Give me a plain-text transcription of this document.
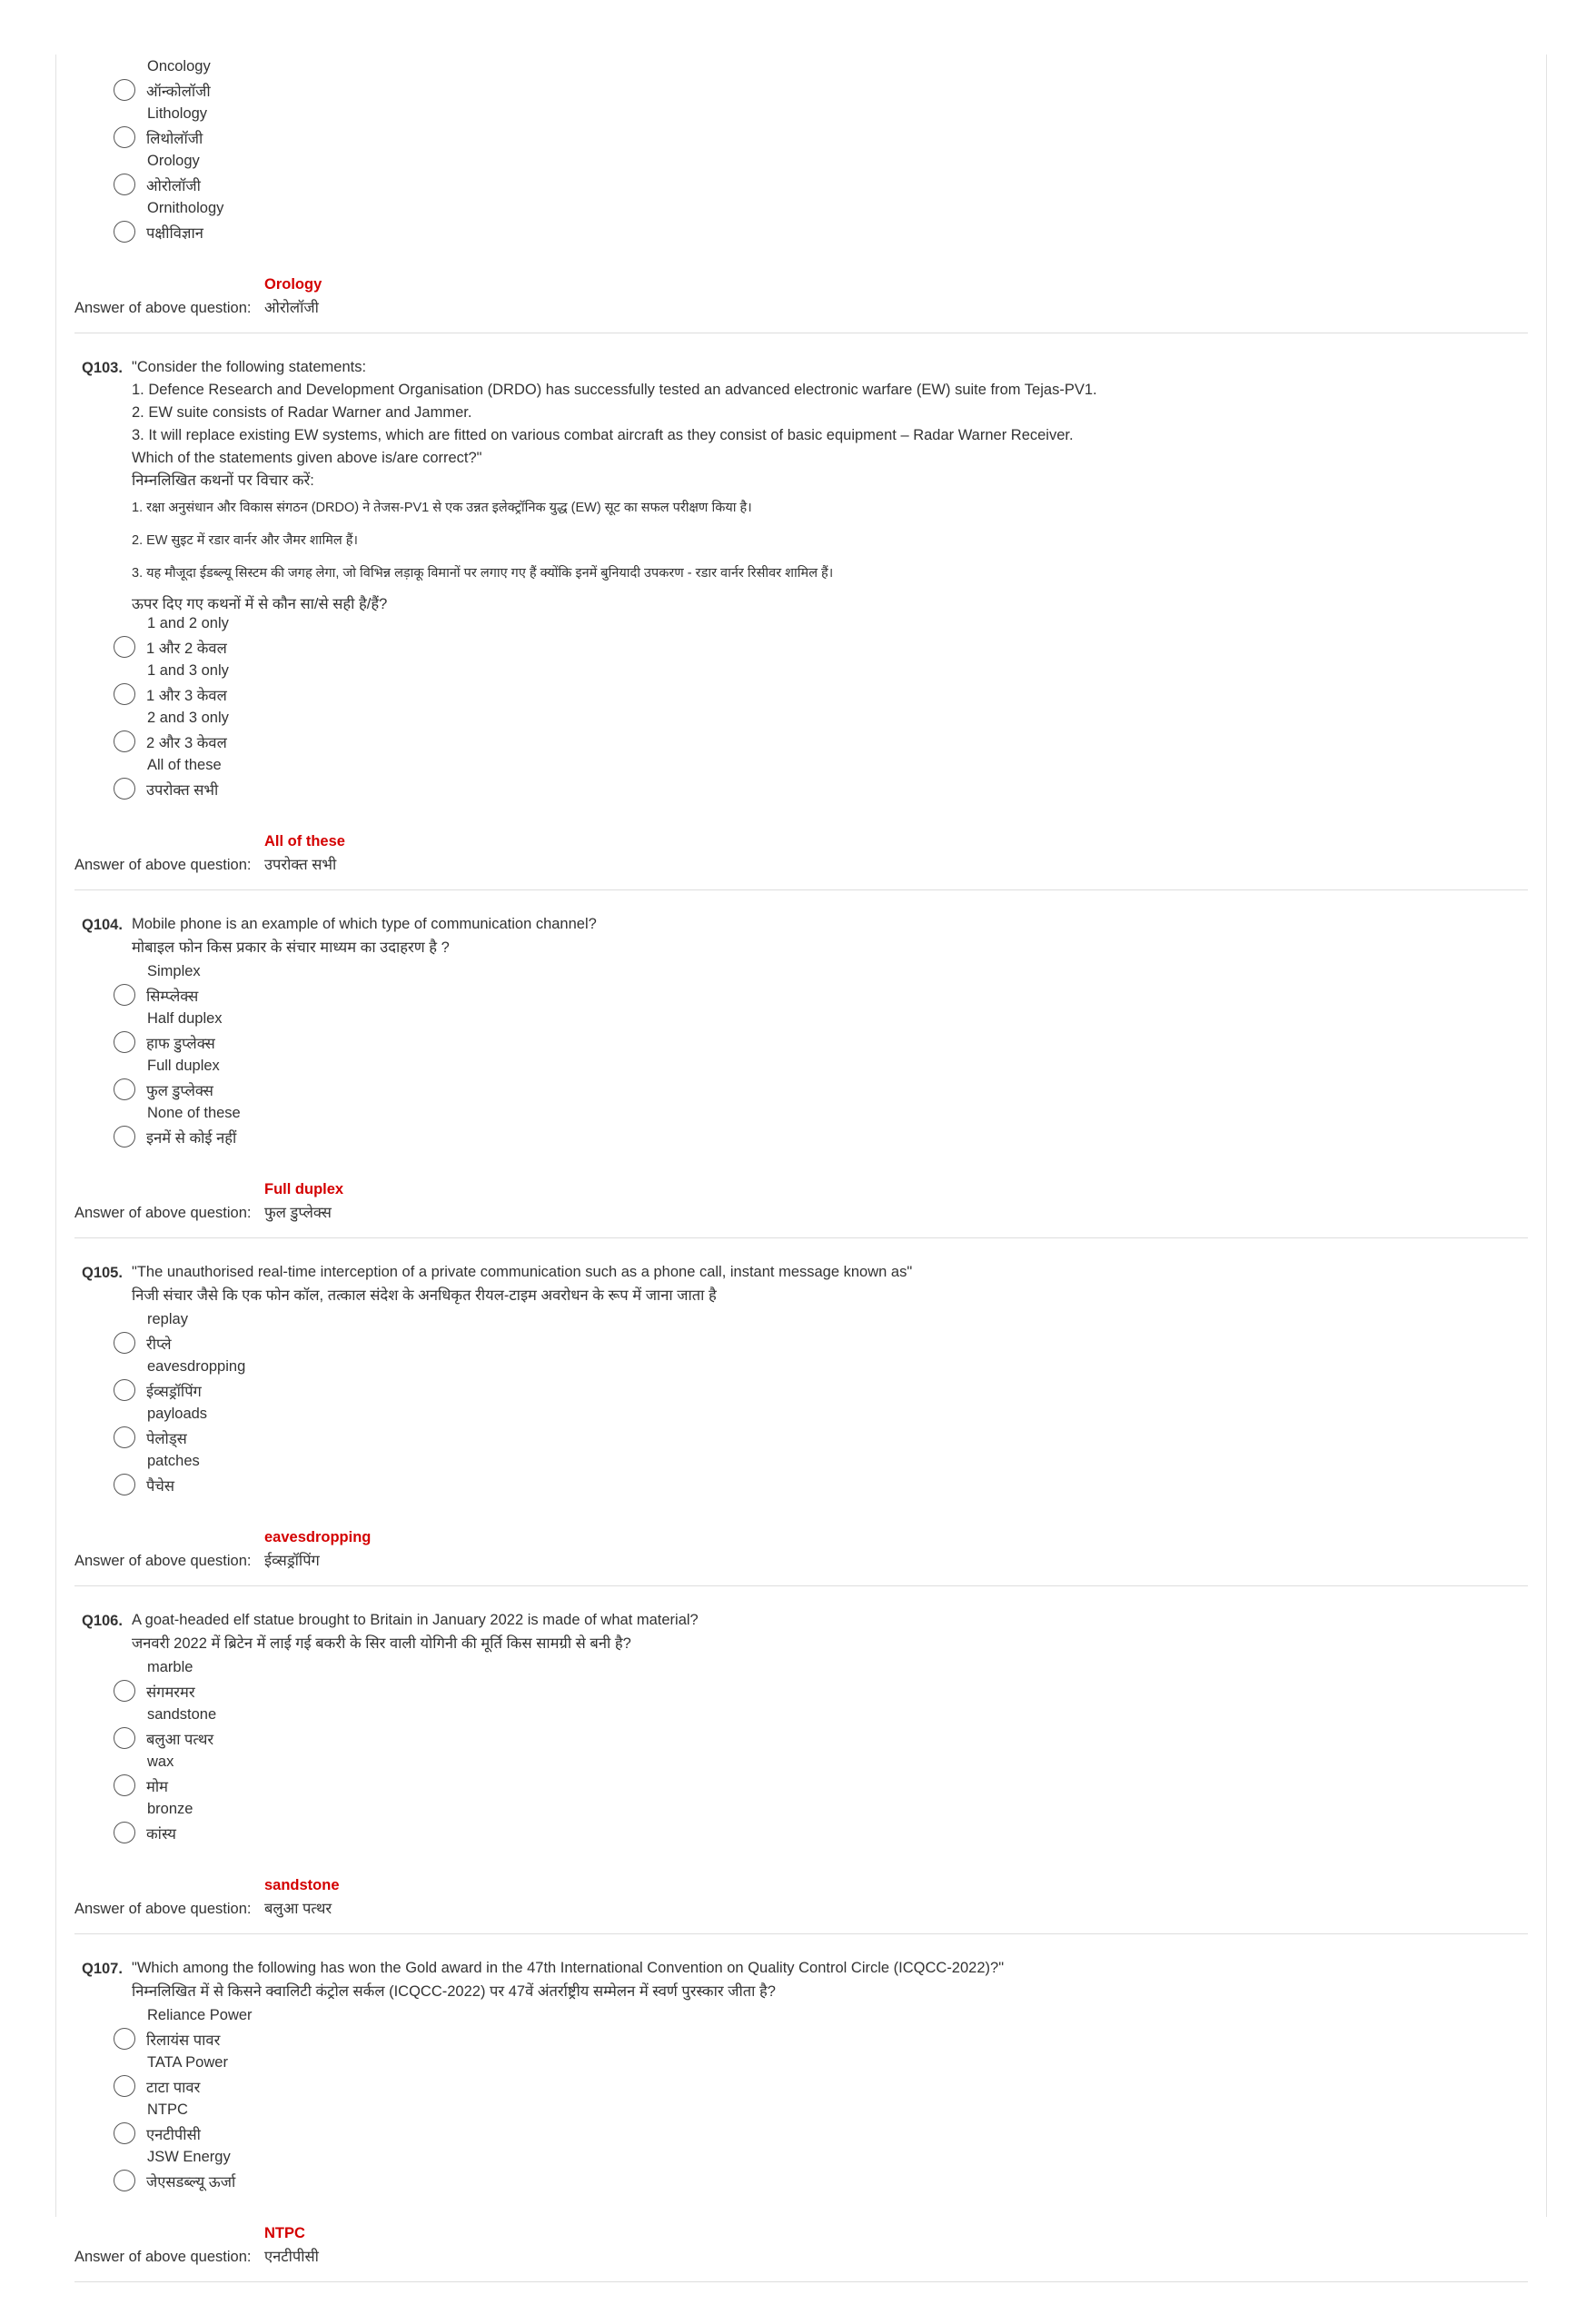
Oncology
ऑन्कोलॉजी
Lithology
लिथोलॉजी
Orology
ओरोलॉजी
Ornithology
पक्षीविज्ञान
Orology
Answer of above question: ओरोलॉजी
Q103. "Consider the following statements:
1. Defence Research and Development Organisation (DRDO) has successfully tested an advanced electronic warfare (EW) suite from Tejas-PV1.
2. EW suite consists of Radar Warner and Jammer.
3. It will replace existing EW systems, which are fitted on various combat aircraft as they consist of basic equipment – Radar Warner Receiver.
Which of the statements given above is/are correct?"
निम्नलिखित कथनों पर विचार करें:
1. रक्षा अनुसंधान और विकास संगठन (DRDO) ने तेजस-PV1 से एक उन्नत इलेक्ट्रॉनिक युद्ध (EW) सूट का सफल परीक्षण किया है।
2. EW सुइट में रडार वार्नर और जैमर शामिल हैं।
3. यह मौजूदा ईडब्ल्यू सिस्टम की जगह लेगा, जो विभिन्न लड़ाकू विमानों पर लगाए गए हैं क्योंकि इनमें बुनियादी उपकरण - रडार वार्नर रिसीवर शामिल हैं।
ऊपर दिए गए कथनों में से कौन सा/से सही है/हैं?
1 and 2 only
1 और 2 केवल
1 and 3 only
1 और 3 केवल
2 and 3 only
2 और 3 केवल
All of these
उपरोक्त सभी
All of these
Answer of above question: उपरोक्त सभी
Q104. Mobile phone is an example of which type of communication channel?
मोबाइल फोन किस प्रकार के संचार माध्यम का उदाहरण है ?
Simplex
सिम्प्लेक्स
Half duplex
हाफ डुप्लेक्स
Full duplex
फुल डुप्लेक्स
None of these
इनमें से कोई नहीं
Full duplex
Answer of above question: फुल डुप्लेक्स
Q105. "The unauthorised real-time interception of a private communication such as a phone call, instant message known as"
निजी संचार जैसे कि एक फोन कॉल, तत्काल संदेश के अनधिकृत रीयल-टाइम अवरोधन के रूप में जाना जाता है
replay
रीप्ले
eavesdropping
ईव्सड्रॉपिंग
payloads
पेलोड्स
patches
पैचेस
eavesdropping
Answer of above question: ईव्सड्रॉपिंग
Q106. A goat-headed elf statue brought to Britain in January 2022 is made of what material?
जनवरी 2022 में ब्रिटेन में लाई गई बकरी के सिर वाली योगिनी की मूर्ति किस सामग्री से बनी है?
marble
संगमरमर
sandstone
बलुआ पत्थर
wax
मोम
bronze
कांस्य
sandstone
Answer of above question: बलुआ पत्थर
Q107. "Which among the following has won the Gold award in the 47th International Convention on Quality Control Circle (ICQCC-2022)?"
निम्नलिखित में से किसने क्वालिटी कंट्रोल सर्कल (ICQCC-2022) पर 47वें अंतर्राष्ट्रीय सम्मेलन में स्वर्ण पुरस्कार जीता है?
Reliance Power
रिलायंस पावर
TATA Power
टाटा पावर
NTPC
एनटीपीसी
JSW Energy
जेएसडब्ल्यू ऊर्जा
NTPC
Answer of above question: एनटीपीसी
